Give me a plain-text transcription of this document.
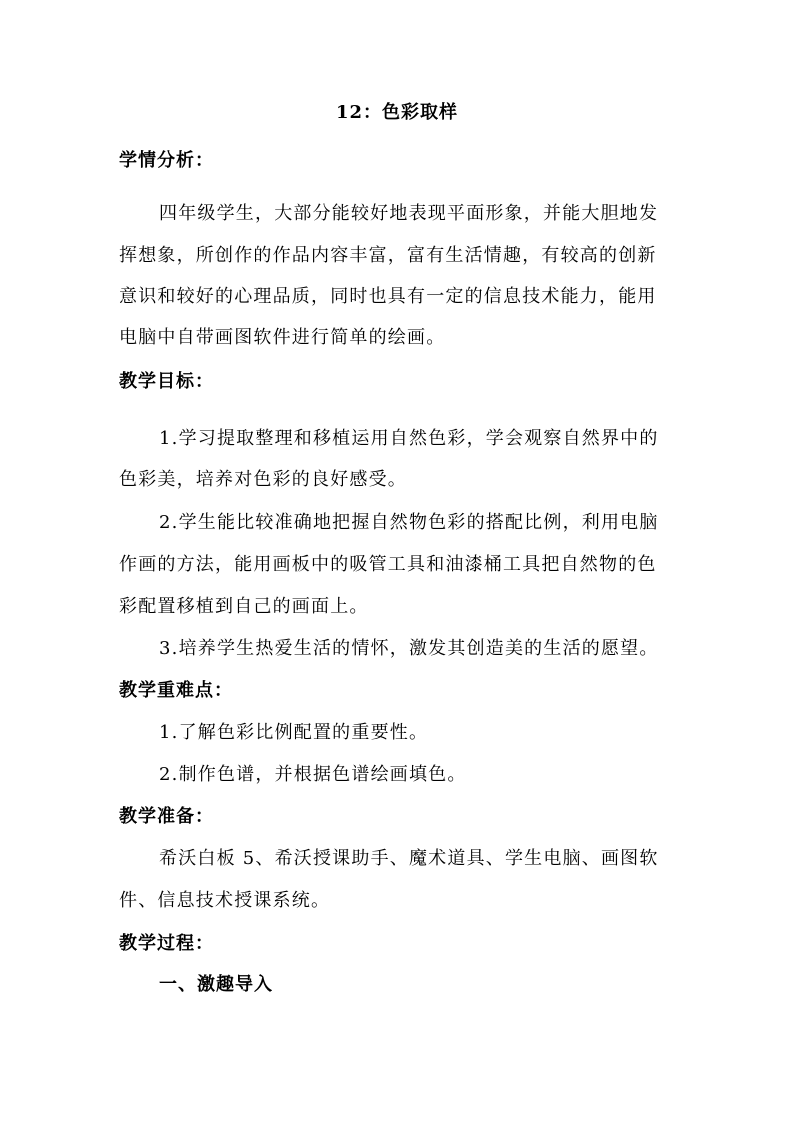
12：色彩取样
学情分析：
四年级学生，大部分能较好地表现平面形象，并能大胆地发
挥想象，所创作的作品内容丰富，富有生活情趣，有较高的创新
意识和较好的心理品质，同时也具有一定的信息技术能力，能用
电脑中自带画图软件进行简单的绘画。
教学目标：
1.学习提取整理和移植运用自然色彩，学会观察自然界中的
色彩美，培养对色彩的良好感受。
2.学生能比较准确地把握自然物色彩的搭配比例，利用电脑
作画的方法，能用画板中的吸管工具和油漆桶工具把自然物的色
彩配置移植到自己的画面上。
3.培养学生热爱生活的情怀，激发其创造美的生活的愿望。
教学重难点：
1.了解色彩比例配置的重要性。
2.制作色谱，并根据色谱绘画填色。
教学准备：
希沃白板 5、希沃授课助手、魔术道具、学生电脑、画图软
件、信息技术授课系统。
教学过程：
一、激趣导入
